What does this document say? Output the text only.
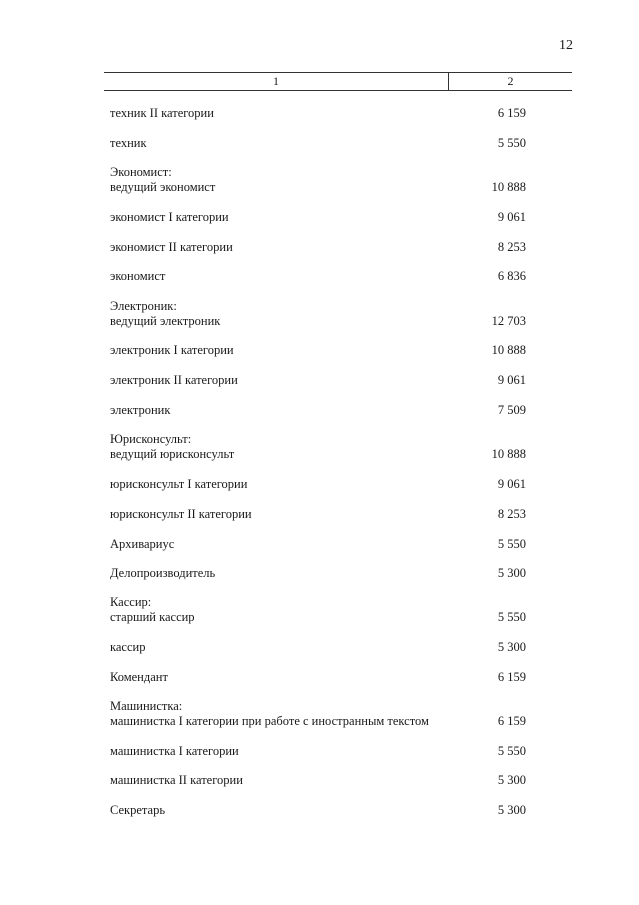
12
1	2
техник II категории	6 159
техник	5 550
Экономист:
ведущий экономист	10 888
экономист I категории	9 061
экономист II категории	8 253
экономист	6 836
Электроник:
ведущий электроник	12 703
электроник I категории	10 888
электроник II категории	9 061
электроник	7 509
Юрисконсульт:
ведущий юрисконсульт	10 888
юрисконсульт I категории	9 061
юрисконсульт II категории	8 253
Архивариус	5 550
Делопроизводитель	5 300
Кассир:
старший кассир	5 550
кассир	5 300
Комендант	6 159
Машинистка:
машинистка I категории при работе с иностранным текстом	6 159
машинистка I категории	5 550
машинистка II категории	5 300
Секретарь	5 300
